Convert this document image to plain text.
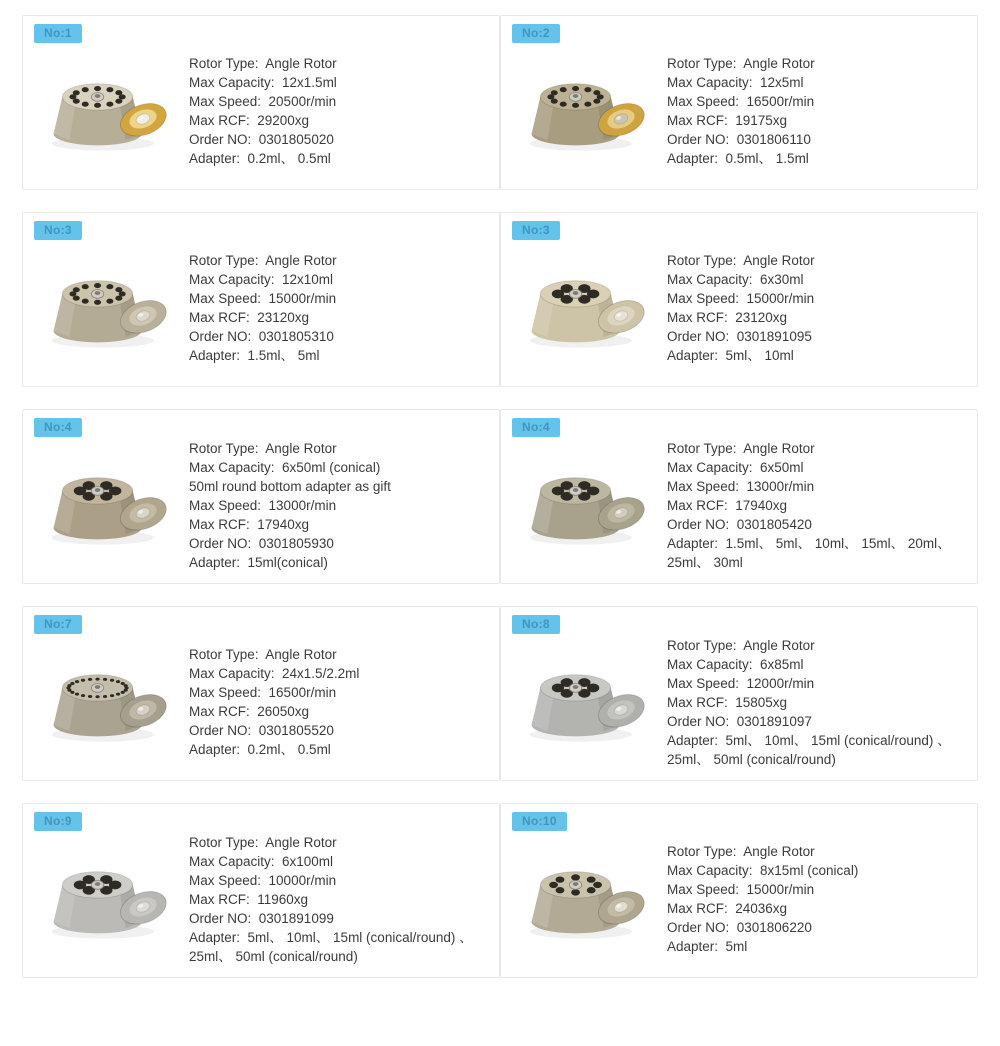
No:1
Rotor Type:  Angle Rotor
Max Capacity:  12x1.5ml
Max Speed:  20500r/min
Max RCF:  29200xg
Order NO:  0301805020
Adapter:  0.2ml、 0.5ml
No:2
Rotor Type:  Angle Rotor
Max Capacity:  12x5ml
Max Speed:  16500r/min
Max RCF:  19175xg
Order NO:  0301806110
Adapter:  0.5ml、 1.5ml
No:3
Rotor Type:  Angle Rotor
Max Capacity:  12x10ml
Max Speed:  15000r/min
Max RCF:  23120xg
Order NO:  0301805310
Adapter:  1.5ml、 5ml
No:3
Rotor Type:  Angle Rotor
Max Capacity:  6x30ml
Max Speed:  15000r/min
Max RCF:  23120xg
Order NO:  0301891095
Adapter:  5ml、 10ml
No:4
Rotor Type:  Angle Rotor
Max Capacity:  6x50ml (conical)
50ml round bottom adapter as gift
Max Speed:  13000r/min
Max RCF:  17940xg
Order NO:  0301805930
Adapter:  15ml(conical)
No:4
Rotor Type:  Angle Rotor
Max Capacity:  6x50ml
Max Speed:  13000r/min
Max RCF:  17940xg
Order NO:  0301805420
Adapter:  1.5ml、 5ml、 10ml、 15ml、 20ml、 25ml、 30ml
No:7
Rotor Type:  Angle Rotor
Max Capacity:  24x1.5/2.2ml
Max Speed:  16500r/min
Max RCF:  26050xg
Order NO:  0301805520
Adapter:  0.2ml、 0.5ml
No:8
Rotor Type:  Angle Rotor
Max Capacity:  6x85ml
Max Speed:  12000r/min
Max RCF:  15805xg
Order NO:  0301891097
Adapter:  5ml、 10ml、 15ml (conical/round) 、 25ml、 50ml (conical/round)
No:9
Rotor Type:  Angle Rotor
Max Capacity:  6x100ml
Max Speed:  10000r/min
Max RCF:  11960xg
Order NO:  0301891099
Adapter:  5ml、 10ml、 15ml (conical/round) 、 25ml、 50ml (conical/round)
No:10
Rotor Type:  Angle Rotor
Max Capacity:  8x15ml (conical)
Max Speed:  15000r/min
Max RCF:  24036xg
Order NO:  0301806220
Adapter:  5ml
